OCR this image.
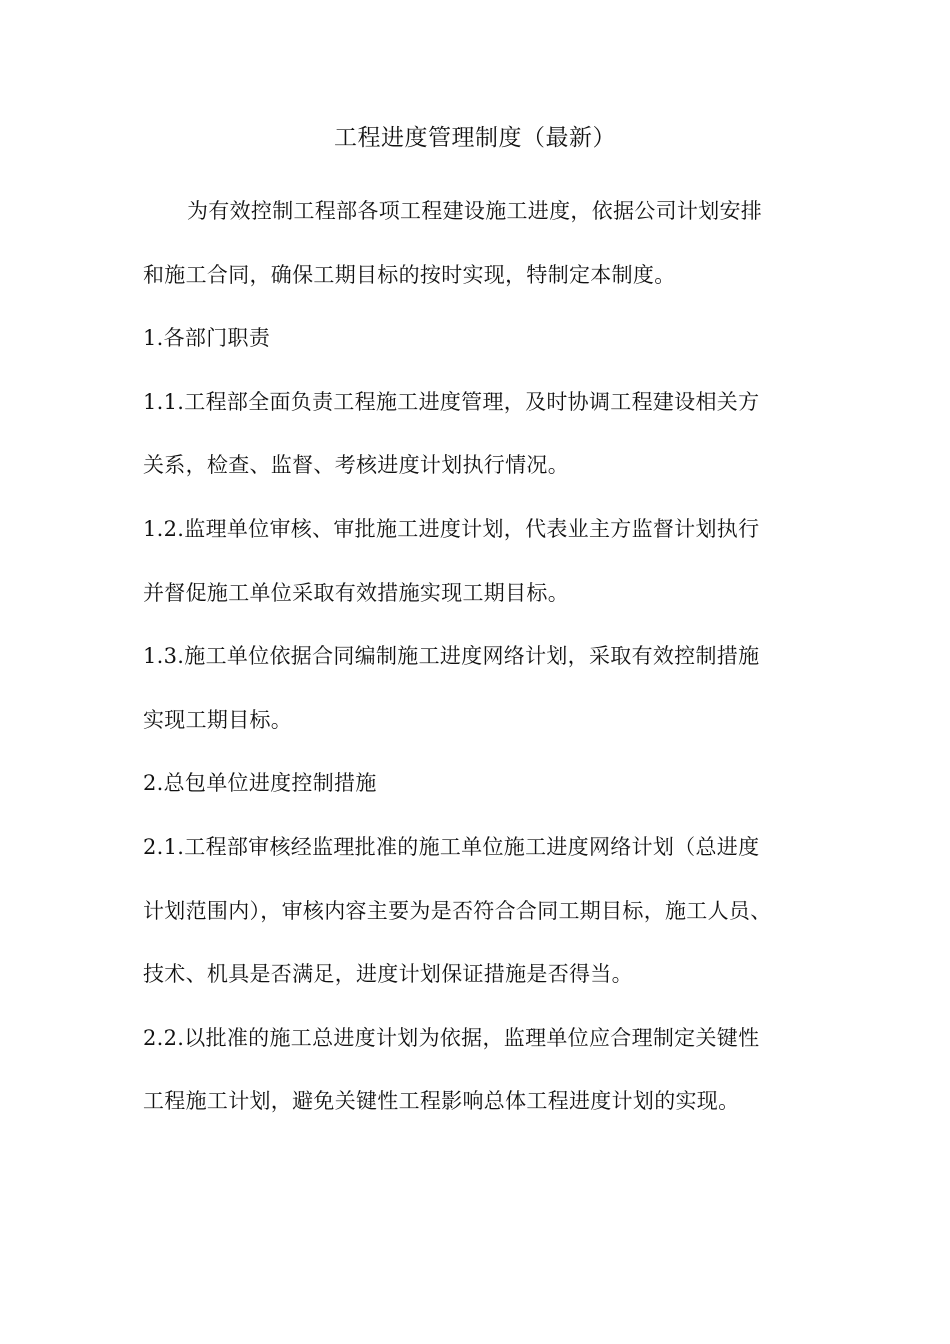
工程进度管理制度（最新）
为有效控制工程部各项工程建设施工进度，依据公司计划安排
和施工合同，确保工期目标的按时实现，特制定本制度。
1.各部门职责
1.1.工程部全面负责工程施工进度管理，及时协调工程建设相关方
关系，检查、监督、考核进度计划执行情况。
1.2.监理单位审核、审批施工进度计划，代表业主方监督计划执行
并督促施工单位采取有效措施实现工期目标。
1.3.施工单位依据合同编制施工进度网络计划，采取有效控制措施
实现工期目标。
2.总包单位进度控制措施
2.1.工程部审核经监理批准的施工单位施工进度网络计划（总进度
计划范围内），审核内容主要为是否符合合同工期目标，施工人员、
技术、机具是否满足，进度计划保证措施是否得当。
2.2.以批准的施工总进度计划为依据，监理单位应合理制定关键性
工程施工计划，避免关键性工程影响总体工程进度计划的实现。
